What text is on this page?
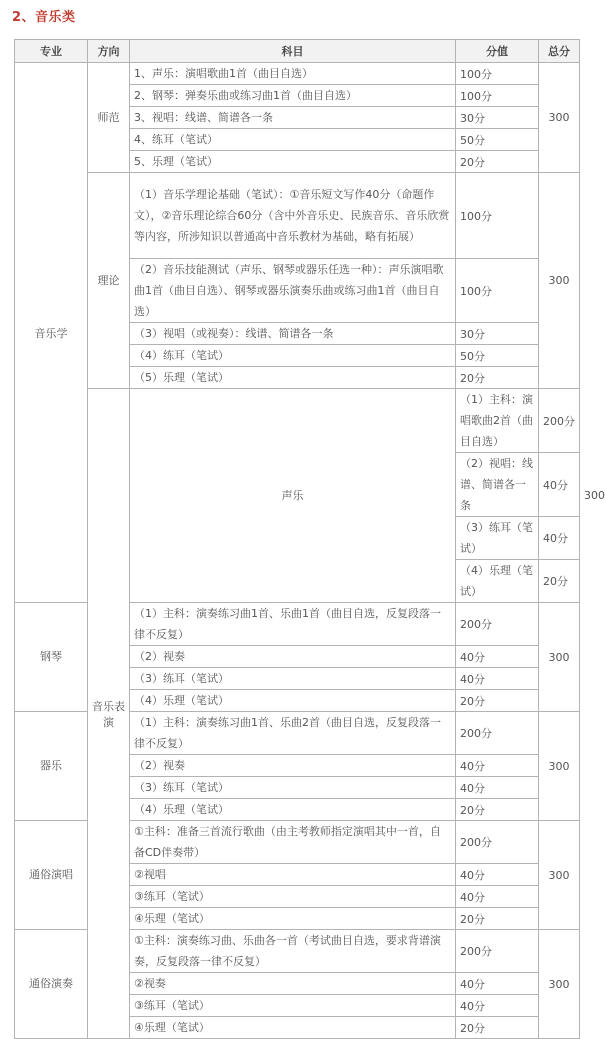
2、音乐类
专业	方向	科目	分值	总分	
音乐学	师范	1、声乐：演唱歌曲1首（曲目自选）	100分	300	
		2、钢琴：弹奏乐曲或练习曲1首（曲目自选）	100分		
		3、视唱：线谱、简谱各一条	30分		
		4、练耳（笔试）	50分		
		5、乐理（笔试）	20分		
	理论	（1）音乐学理论基础（笔试）：①音乐短文写作40分（命题作文），②音乐理论综合60分（含中外音乐史、民族音乐、音乐欣赏等内容，所涉知识以普通高中音乐教材为基础，略有拓展）	100分	300	
		（2）音乐技能测试（声乐、钢琴或器乐任选一种）：声乐演唱歌曲1首（曲目自选）、钢琴或器乐演奏乐曲或练习曲1首（曲目自选）	100分		
		（3）视唱（或视奏）：线谱、简谱各一条	30分		
		（4）练耳（笔试）	50分		
		（5）乐理（笔试）	20分		
	音乐表演	声乐	（1）主科：演唱歌曲2首（曲目自选）	200分	300
			（2）视唱：线谱、简谱各一条	40分	
			（3）练耳（笔试）	40分	
			（4）乐理（笔试）	20分	
钢琴		（1）主科：演奏练习曲1首、乐曲1首（曲目自选，反复段落一律不反复）	200分	300	
		（2）视奏	40分		
		（3）练耳（笔试）	40分		
		（4）乐理（笔试）	20分		
器乐		（1）主科：演奏练习曲1首、乐曲2首（曲目自选，反复段落一律不反复）	200分	300	
		（2）视奏	40分		
		（3）练耳（笔试）	40分		
		（4）乐理（笔试）	20分		
通俗演唱		①主科：准备三首流行歌曲（由主考教师指定演唱其中一首，自备CD伴奏带）	200分	300	
		②视唱	40分		
		③练耳（笔试）	40分		
		④乐理（笔试）	20分		
通俗演奏		①主科：演奏练习曲、乐曲各一首（考试曲目自选，要求背谱演奏，反复段落一律不反复）	200分	300	
		②视奏	40分		
		③练耳（笔试）	40分		
		④乐理（笔试）	20分		
